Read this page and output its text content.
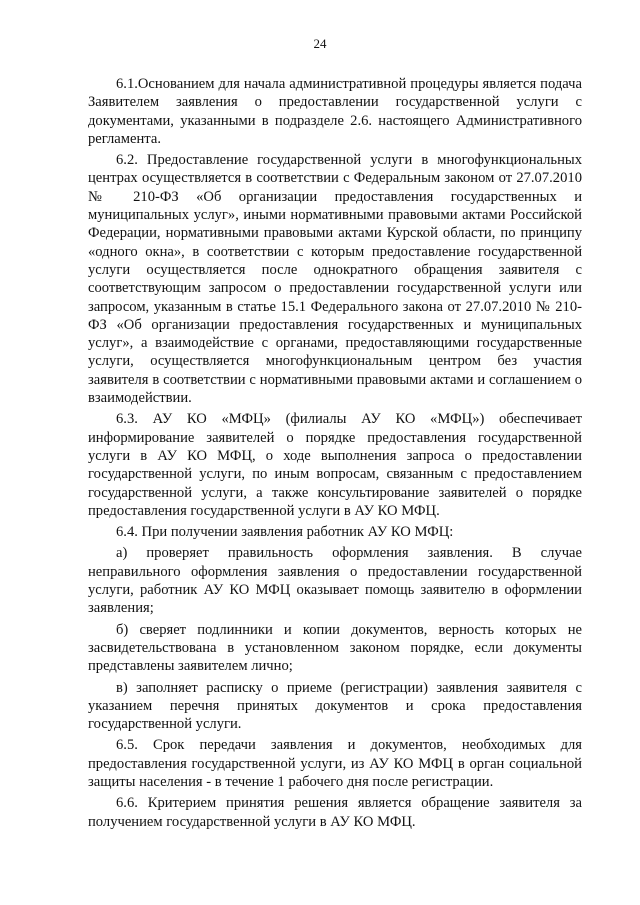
24

6.1.Основанием для начала административной процедуры является подача Заявителем заявления о предоставлении государственной услуги с документами, указанными в подразделе 2.6. настоящего Административного регламента.

6.2. Предоставление государственной услуги в многофункциональных центрах осуществляется в соответствии с Федеральным законом от 27.07.2010 № 210-ФЗ «Об организации предоставления государственных и муниципальных услуг», иными нормативными правовыми актами Российской Федерации, нормативными правовыми актами Курской области, по принципу «одного окна», в соответствии с которым предоставление государственной услуги осуществляется после однократного обращения заявителя с соответствующим запросом о предоставлении государственной услуги или запросом, указанным в статье 15.1 Федерального закона от 27.07.2010 № 210-ФЗ «Об организации предоставления государственных и муниципальных услуг», а взаимодействие с органами, предоставляющими государственные услуги, осуществляется многофункциональным центром без участия заявителя в соответствии с нормативными правовыми актами и соглашением о взаимодействии.

6.3. АУ КО «МФЦ» (филиалы АУ КО «МФЦ») обеспечивает информирование заявителей о порядке предоставления государственной услуги в АУ КО МФЦ, о ходе выполнения запроса о предоставлении государственной услуги, по иным вопросам, связанным с предоставлением государственной услуги, а также консультирование заявителей о порядке предоставления государственной услуги в АУ КО МФЦ.

6.4. При получении заявления работник АУ КО МФЦ:

а) проверяет правильность оформления заявления. В случае неправильного оформления заявления о предоставлении государственной услуги, работник АУ КО МФЦ оказывает помощь заявителю в оформлении заявления;

б) сверяет подлинники и копии документов, верность которых не засвидетельствована в установленном законом порядке, если документы представлены заявителем лично;

в) заполняет расписку о приеме (регистрации) заявления заявителя с указанием перечня принятых документов и срока предоставления государственной услуги.

6.5. Срок передачи заявления и документов, необходимых для предоставления государственной услуги, из АУ КО МФЦ в орган социальной защиты населения - в течение 1 рабочего дня после регистрации.

6.6. Критерием принятия решения является обращение заявителя за получением государственной услуги в АУ КО МФЦ.
